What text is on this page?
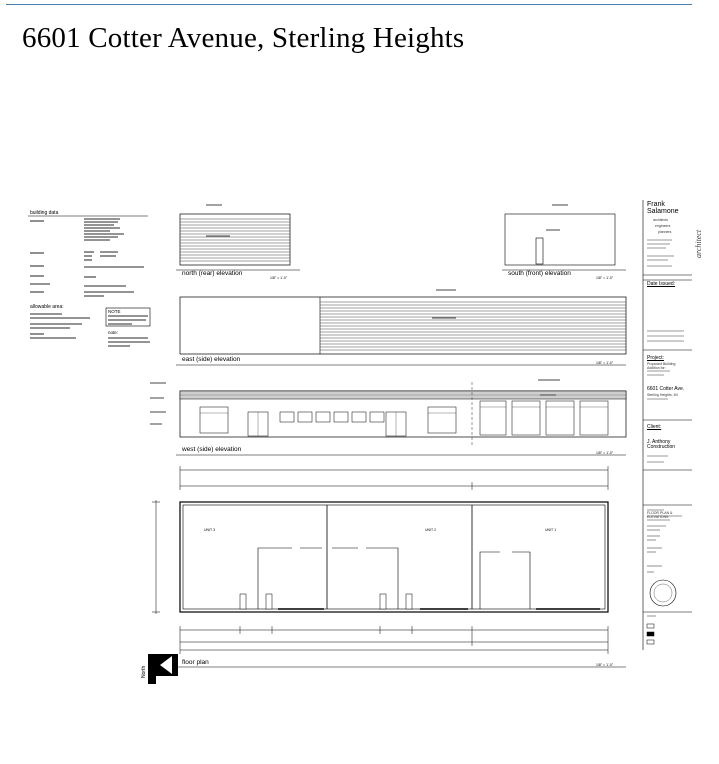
6601 Cotter Avenue, Sterling Heights
building data
allowable area:
NOTE
note:
north (rear) elevation	south (front) elevation
east (side) elevation
west (side) elevation
floor plan
1/8" = 1'-0"	1/8" = 1'-0"
1/8" = 1'-0"
1/8" = 1'-0"
1/8" = 1'-0"
UNIT 3	UNIT 2	UNIT 1
North
Frank Salamone
architects
engineers
planners	architect
Date Issued:
Project:
Proposed Building Addition for:
6601 Cotter Ave.
Sterling Heights, MI
Client:
J. Anthony Construction
FLOOR PLAN & ELEVATIONS
